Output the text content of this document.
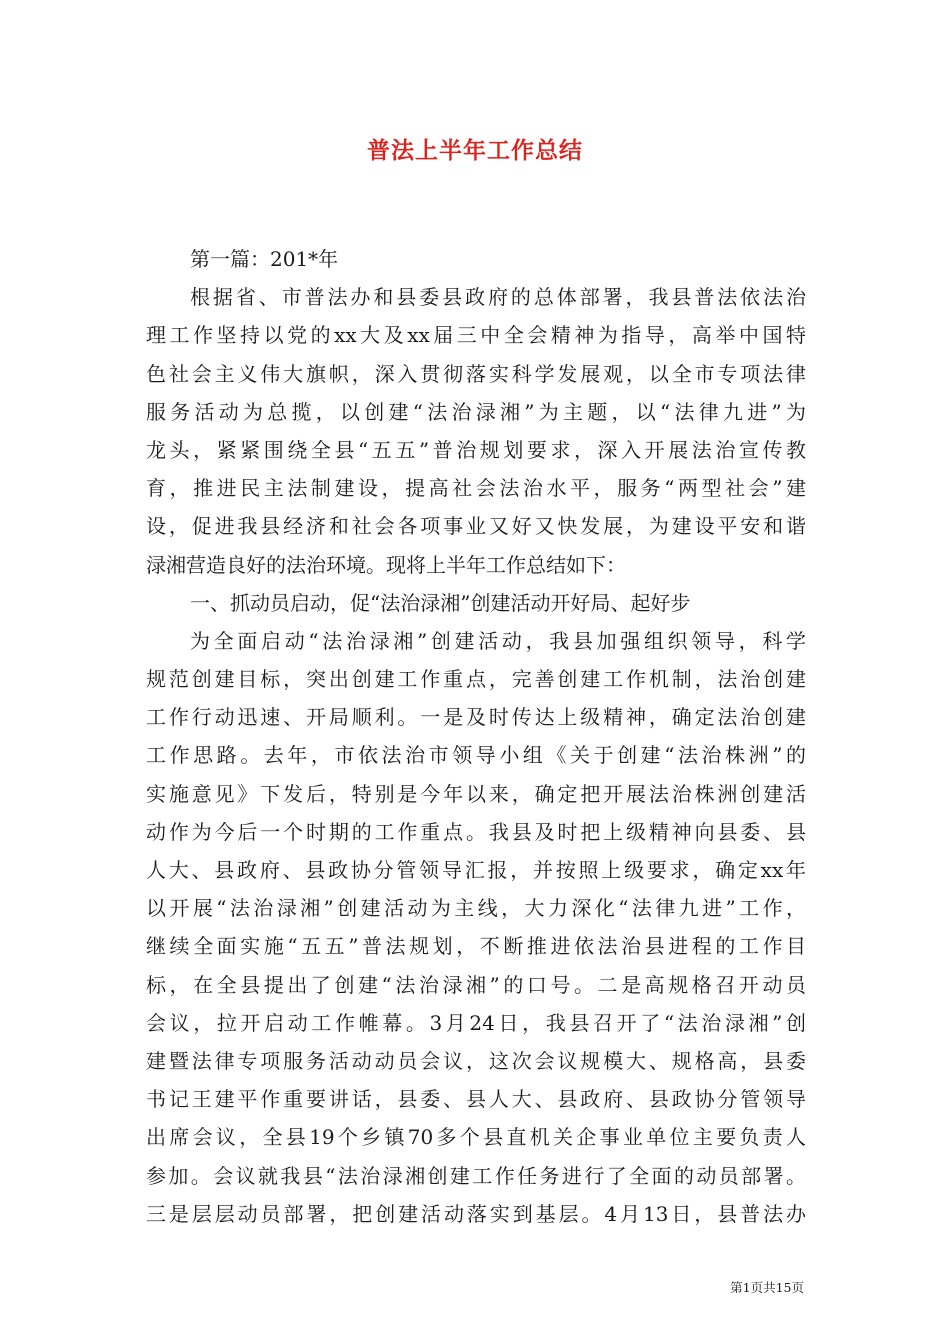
普法上半年工作总结
第一篇：201*年
根据省、市普法办和县委县政府的总体部署，我县普法依法治
理工作坚持以党的xx大及xx届三中全会精神为指导，高举中国特
色社会主义伟大旗帜，深入贯彻落实科学发展观，以全市专项法律
服务活动为总揽，以创建“法治渌湘”为主题，以“法律九进”为
龙头，紧紧围绕全县“五五”普治规划要求，深入开展法治宣传教
育，推进民主法制建设，提高社会法治水平，服务“两型社会”建
设，促进我县经济和社会各项事业又好又快发展，为建设平安和谐
渌湘营造良好的法治环境。现将上半年工作总结如下：
一、抓动员启动，促“法治渌湘”创建活动开好局、起好步
为全面启动“法治渌湘”创建活动，我县加强组织领导，科学
规范创建目标，突出创建工作重点，完善创建工作机制，法治创建
工作行动迅速、开局顺利。一是及时传达上级精神，确定法治创建
工作思路。去年，市依法治市领导小组《关于创建“法治株洲”的
实施意见》下发后，特别是今年以来，确定把开展法治株洲创建活
动作为今后一个时期的工作重点。我县及时把上级精神向县委、县
人大、县政府、县政协分管领导汇报，并按照上级要求，确定xx年
以开展“法治渌湘”创建活动为主线，大力深化“法律九进”工作，
继续全面实施“五五”普法规划，不断推进依法治县进程的工作目
标，在全县提出了创建“法治渌湘”的口号。二是高规格召开动员
会议，拉开启动工作帷幕。3月24日，我县召开了“法治渌湘”创
建暨法律专项服务活动动员会议，这次会议规模大、规格高，县委
书记王建平作重要讲话，县委、县人大、县政府、县政协分管领导
出席会议，全县19个乡镇70多个县直机关企事业单位主要负责人
参加。会议就我县“法治渌湘创建工作任务进行了全面的动员部署。
三是层层动员部署，把创建活动落实到基层。4月13日，县普法办
第1页共15页
